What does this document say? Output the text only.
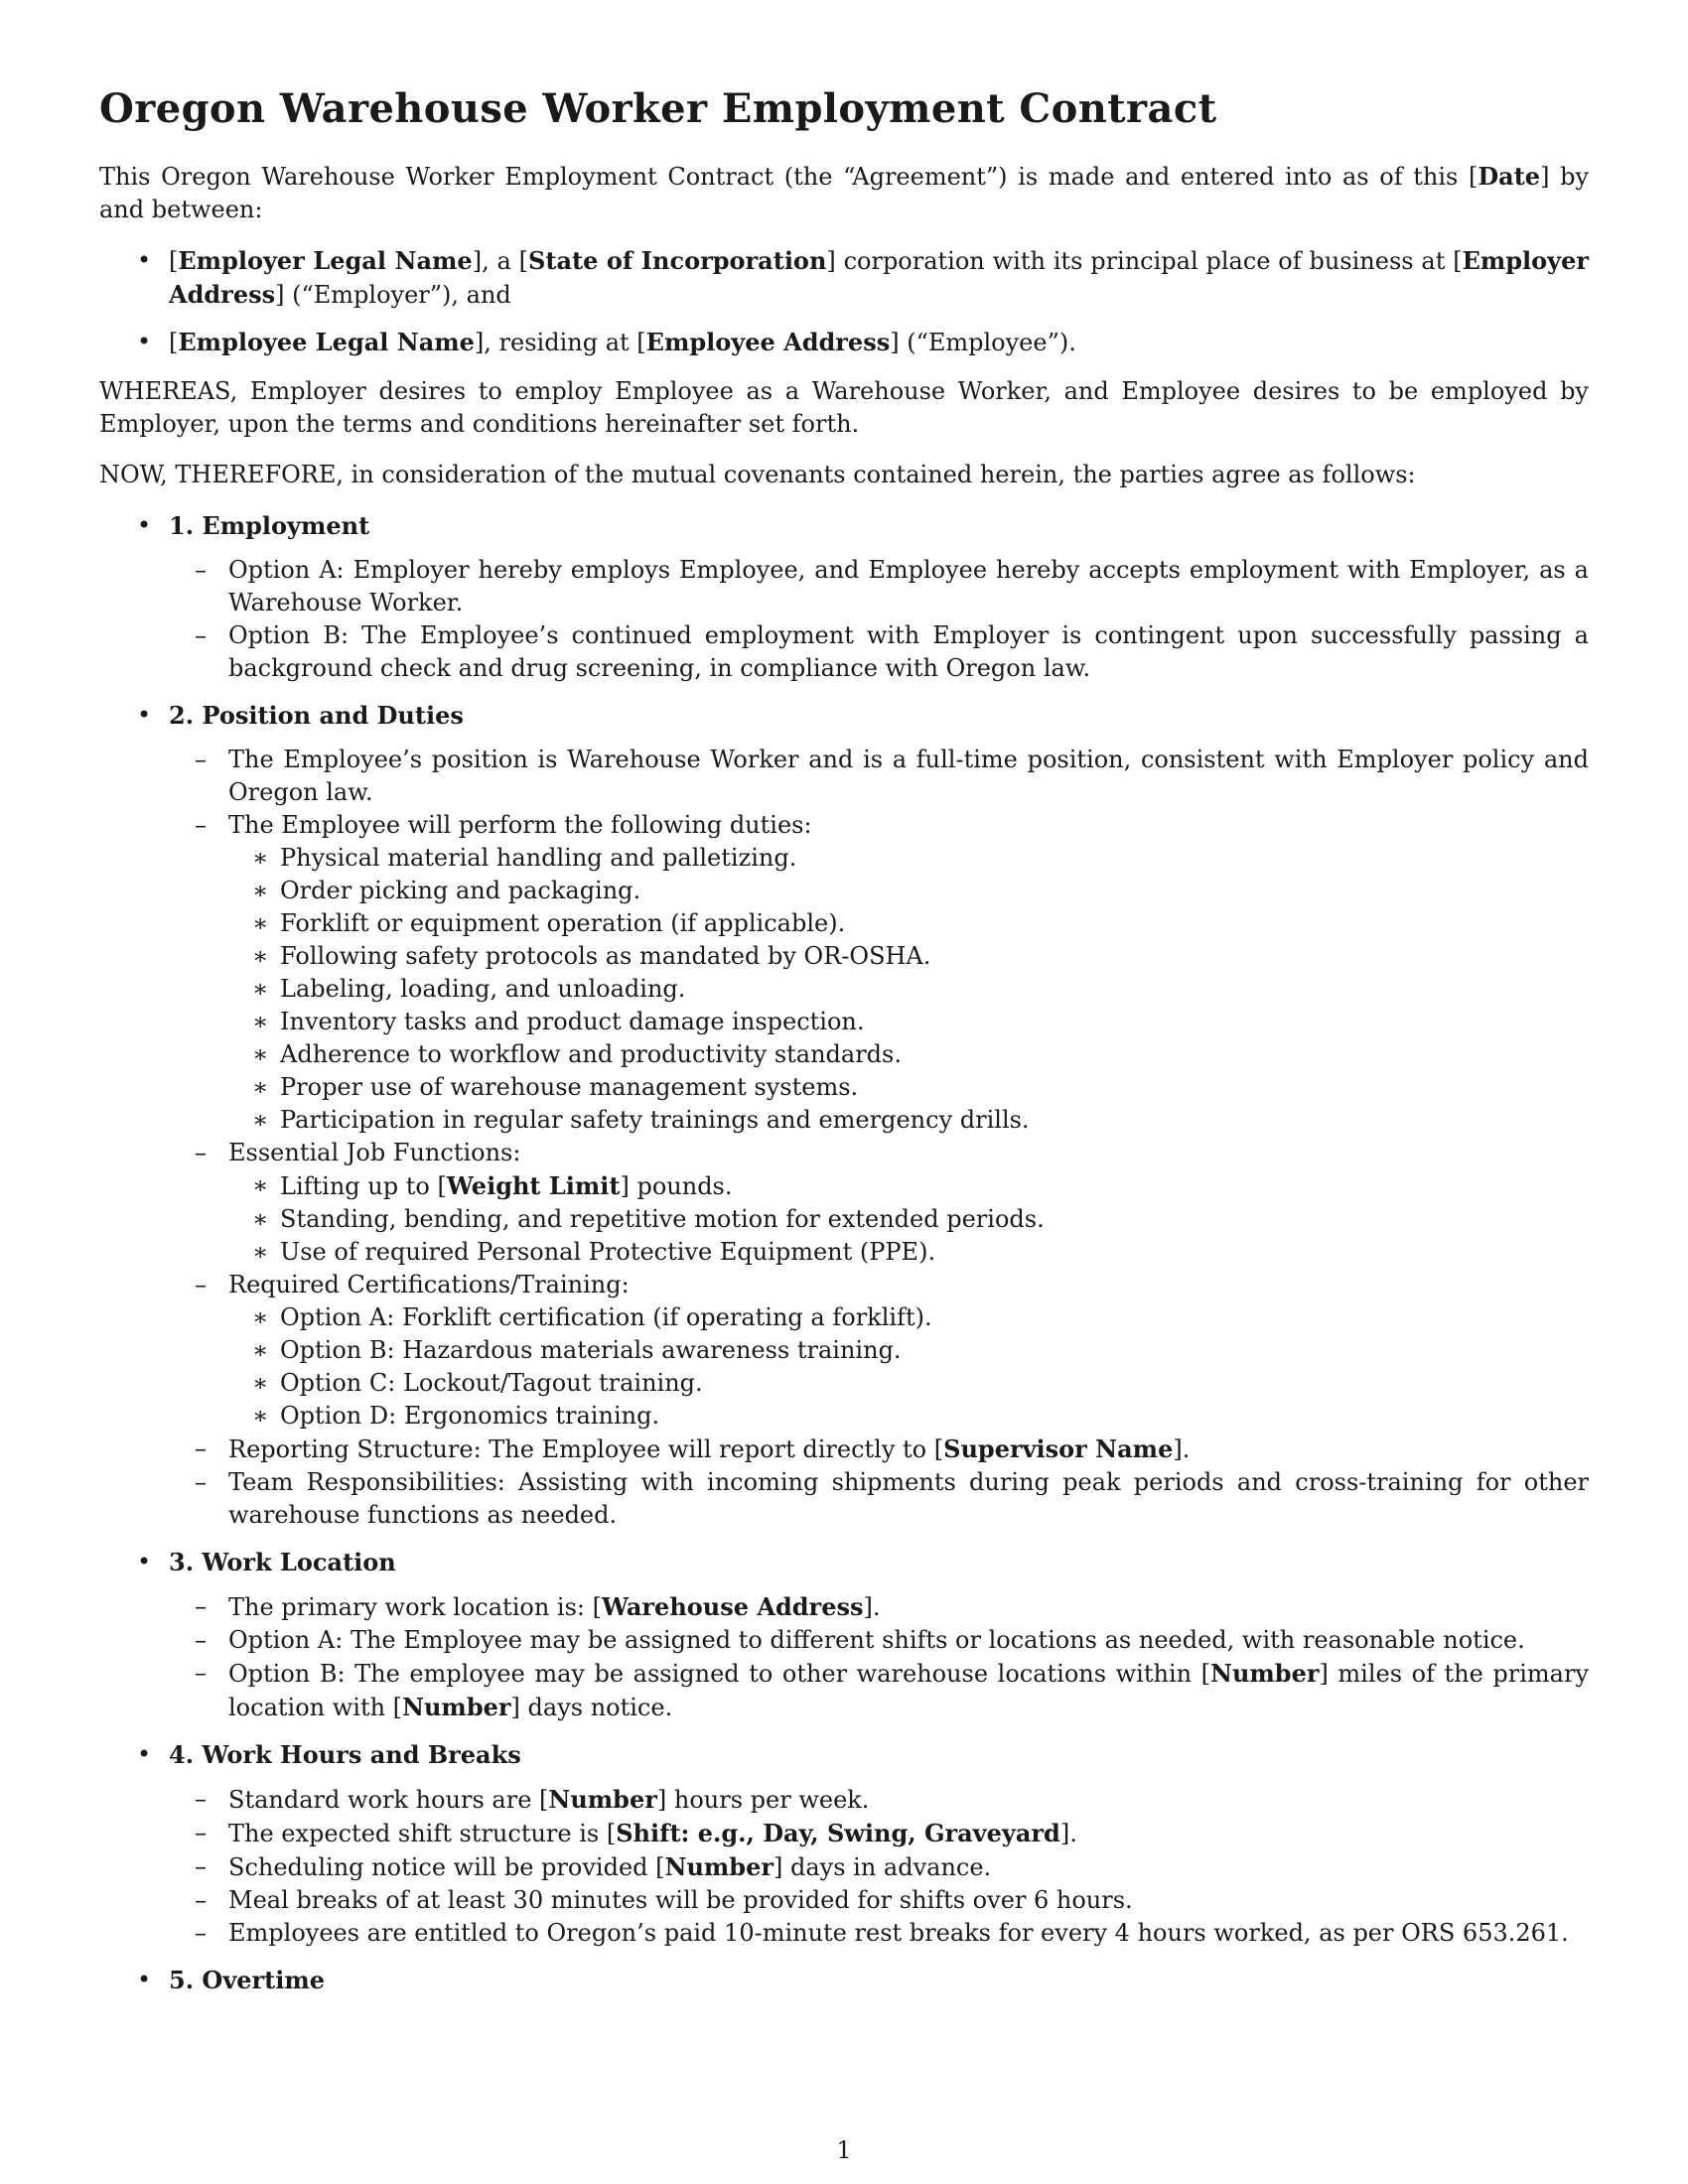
Oregon Warehouse Worker Employment Contract

This Oregon Warehouse Worker Employment Contract (the “Agreement”) is made and entered into as of this [Date] by and between:

• [Employer Legal Name], a [State of Incorporation] corporation with its principal place of business at [Employer Address] (“Employer”), and
• [Employee Legal Name], residing at [Employee Address] (“Employee”).

WHEREAS, Employer desires to employ Employee as a Warehouse Worker, and Employee desires to be employed by Employer, upon the terms and conditions hereinafter set forth.

NOW, THEREFORE, in consideration of the mutual covenants contained herein, the parties agree as follows:

• 1. Employment
– Option A: Employer hereby employs Employee, and Employee hereby accepts employment with Employer, as a Warehouse Worker.
– Option B: The Employee’s continued employment with Employer is contingent upon successfully passing a background check and drug screening, in compliance with Oregon law.
• 2. Position and Duties
– The Employee’s position is Warehouse Worker and is a full-time position, consistent with Employer policy and Oregon law.
– The Employee will perform the following duties:
∗ Physical material handling and palletizing.
∗ Order picking and packaging.
∗ Forklift or equipment operation (if applicable).
∗ Following safety protocols as mandated by OR-OSHA.
∗ Labeling, loading, and unloading.
∗ Inventory tasks and product damage inspection.
∗ Adherence to workflow and productivity standards.
∗ Proper use of warehouse management systems.
∗ Participation in regular safety trainings and emergency drills.
– Essential Job Functions:
∗ Lifting up to [Weight Limit] pounds.
∗ Standing, bending, and repetitive motion for extended periods.
∗ Use of required Personal Protective Equipment (PPE).
– Required Certifications/Training:
∗ Option A: Forklift certification (if operating a forklift).
∗ Option B: Hazardous materials awareness training.
∗ Option C: Lockout/Tagout training.
∗ Option D: Ergonomics training.
– Reporting Structure: The Employee will report directly to [Supervisor Name].
– Team Responsibilities: Assisting with incoming shipments during peak periods and cross-training for other warehouse functions as needed.
• 3. Work Location
– The primary work location is: [Warehouse Address].
– Option A: The Employee may be assigned to different shifts or locations as needed, with reasonable notice.
– Option B: The employee may be assigned to other warehouse locations within [Number] miles of the primary location with [Number] days notice.
• 4. Work Hours and Breaks
– Standard work hours are [Number] hours per week.
– The expected shift structure is [Shift: e.g., Day, Swing, Graveyard].
– Scheduling notice will be provided [Number] days in advance.
– Meal breaks of at least 30 minutes will be provided for shifts over 6 hours.
– Employees are entitled to Oregon’s paid 10-minute rest breaks for every 4 hours worked, as per ORS 653.261.
• 5. Overtime
1
